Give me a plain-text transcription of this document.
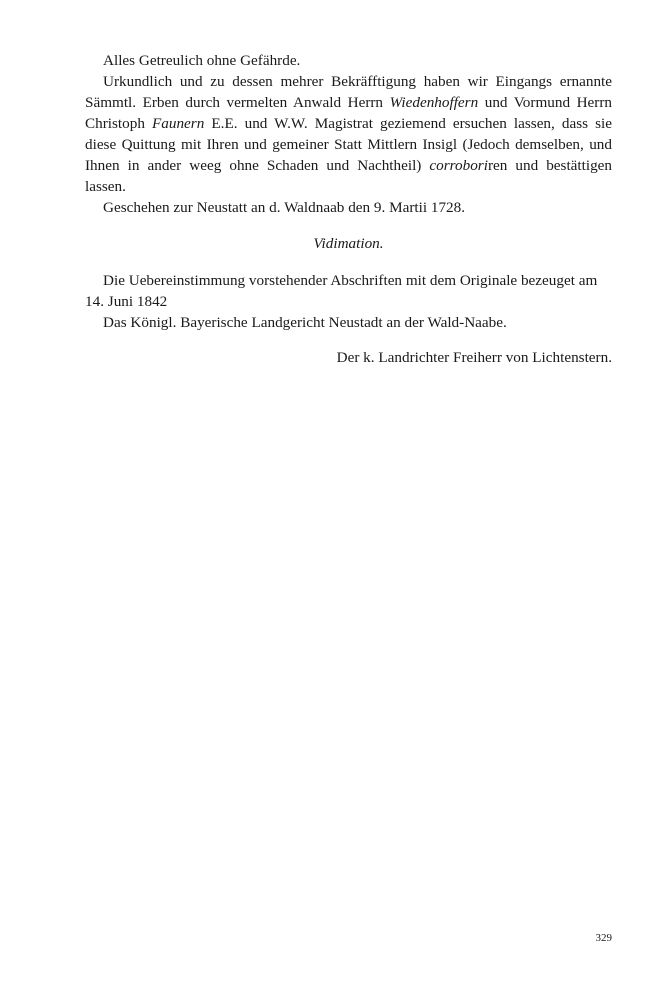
Alles Getreulich ohne Gefährde.

Urkundlich und zu dessen mehrer Bekräfftigung haben wir Eingangs ernannte Sämmtl. Erben durch vermelten Anwald Herrn Wiedenhoffern und Vormund Herrn Christoph Faunern E.E. und W.W. Magistrat geziemend ersuchen lassen, dass sie diese Quittung mit Ihren und gemeiner Statt Mittlern Insigl (Jedoch demselben, und Ihnen in ander weeg ohne Schaden und Nachtheil) corroboriren und bestättigen lassen.

Geschehen zur Neustatt an d. Waldnaab den 9. Martii 1728.

Vidimation.

Die Uebereinstimmung vorstehender Abschriften mit dem Originale bezeuget am 14. Juni 1842

Das Königl. Bayerische Landgericht Neustadt an der Wald-Naabe.

Der k. Landrichter Freiherr von Lichtenstern.

329
